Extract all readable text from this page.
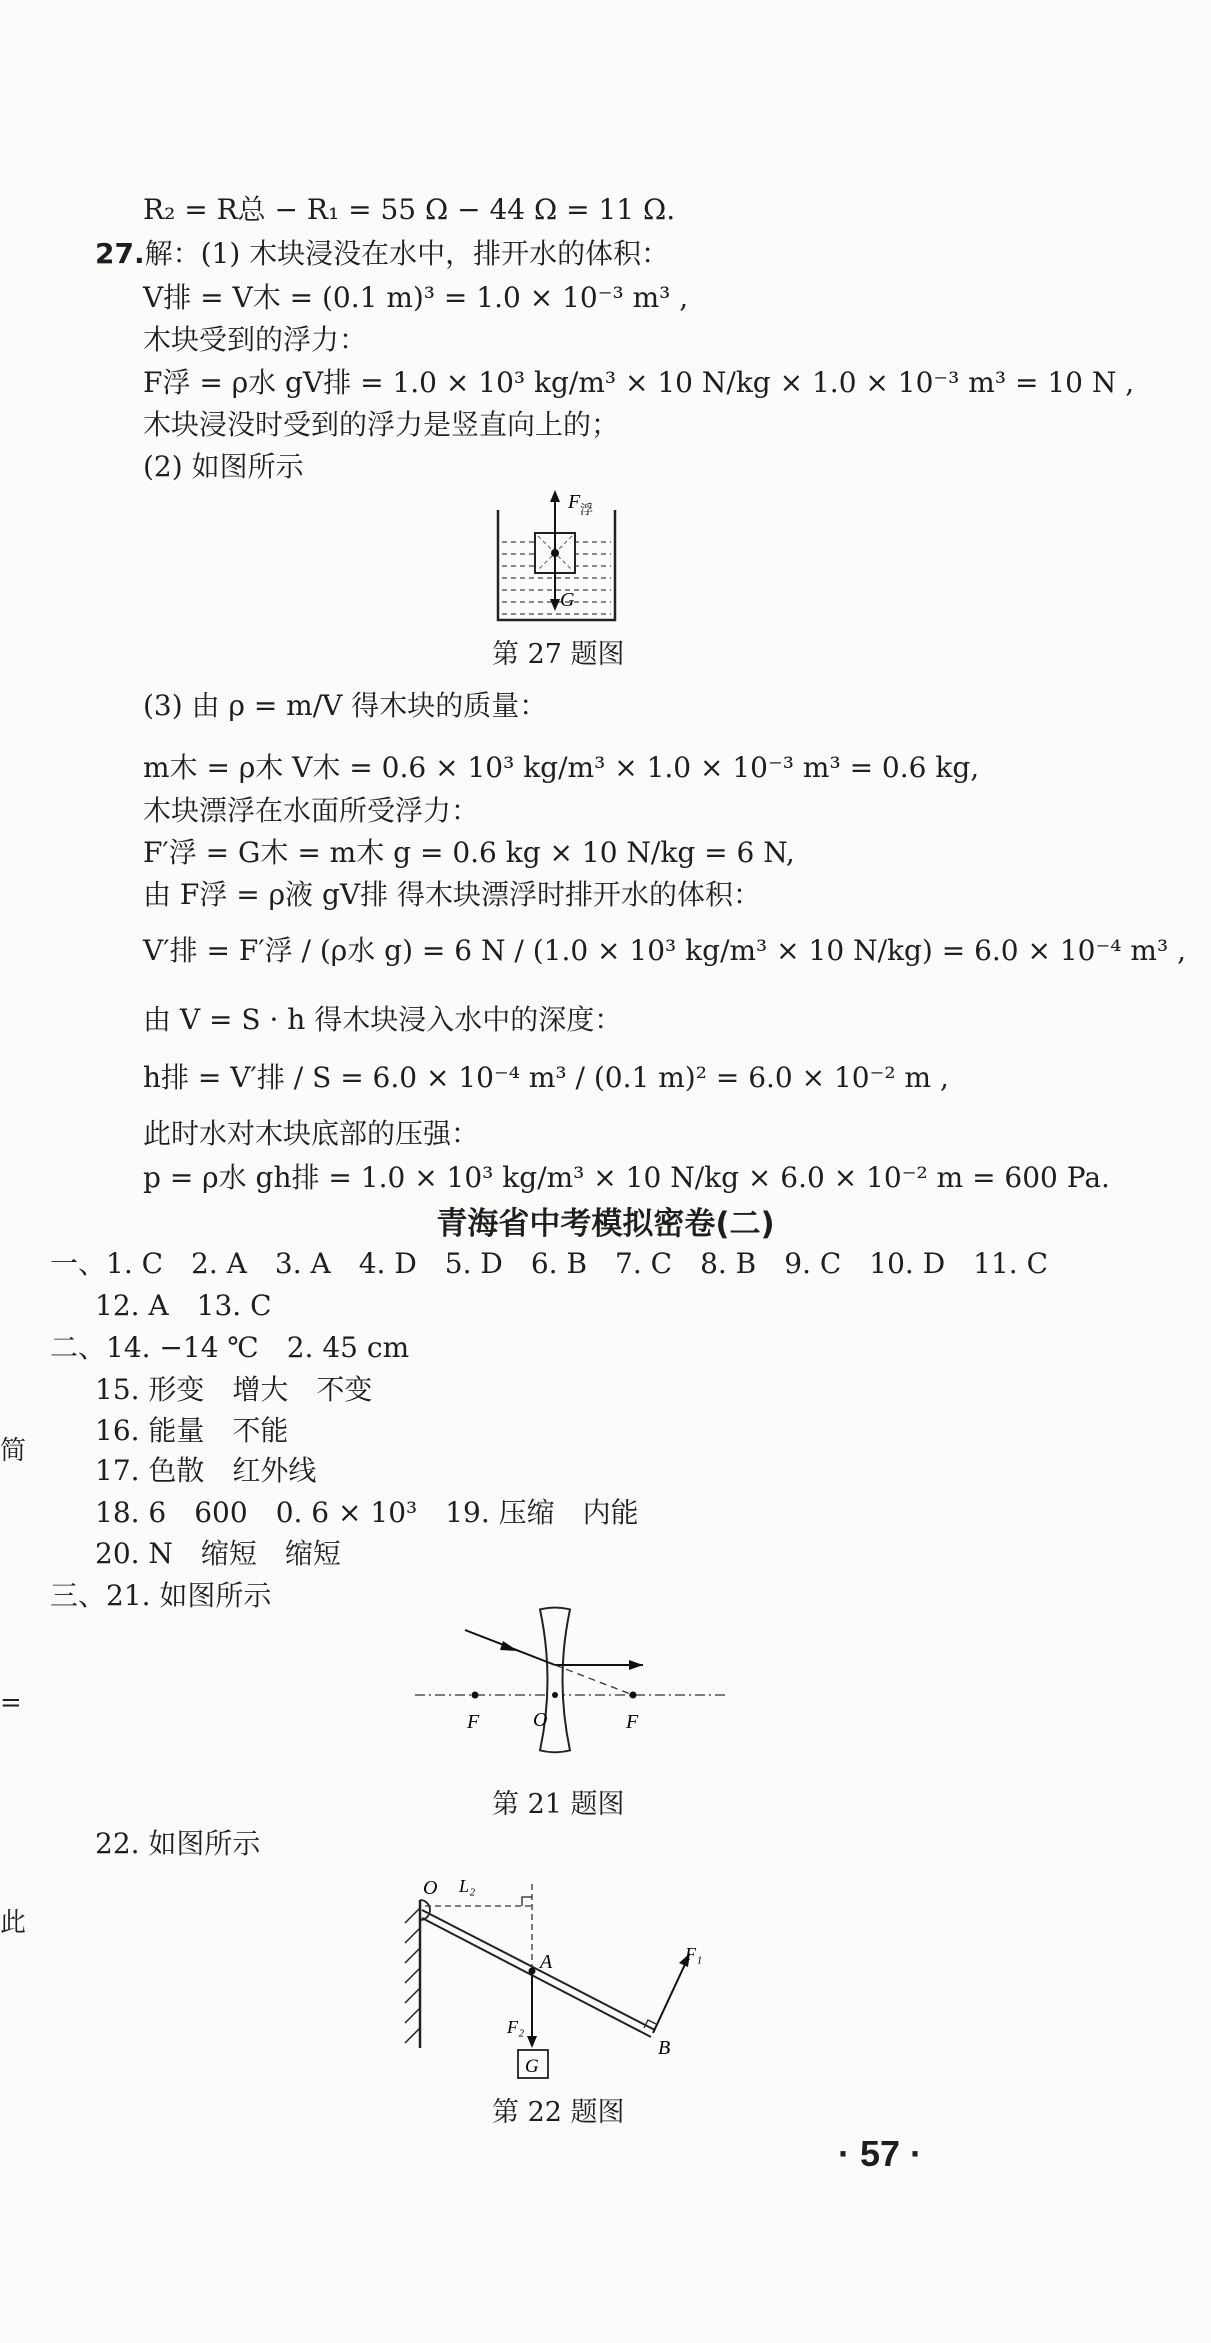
R₂ = R总 − R₁ = 55 Ω − 44 Ω = 11 Ω.
27.解：(1) 木块浸没在水中，排开水的体积：
V排 = V木 = (0.1 m)³ = 1.0 × 10⁻³ m³ ,
木块受到的浮力：
F浮 = ρ水 gV排 = 1.0 × 10³ kg/m³ × 10 N/kg × 1.0 × 10⁻³ m³ = 10 N ,
木块浸没时受到的浮力是竖直向上的；
(2) 如图所示
F 浮
G
第 27 题图
(3) 由 ρ = m/V 得木块的质量：
m木 = ρ木 V木 = 0.6 × 10³ kg/m³ × 1.0 × 10⁻³ m³ = 0.6 kg,
木块漂浮在水面所受浮力：
F′浮 = G木 = m木 g = 0.6 kg × 10 N/kg = 6 N,
由 F浮 = ρ液 gV排 得木块漂浮时排开水的体积：
V′排 = F′浮 / (ρ水 g) = 6 N / (1.0 × 10³ kg/m³ × 10 N/kg) = 6.0 × 10⁻⁴ m³ ,
由 V = S · h 得木块浸入水中的深度：
h排 = V′排 / S = 6.0 × 10⁻⁴ m³ / (0.1 m)² = 6.0 × 10⁻² m ,
此时水对木块底部的压强：
p = ρ水 gh排 = 1.0 × 10³ kg/m³ × 10 N/kg × 6.0 × 10⁻² m = 600 Pa.
青海省中考模拟密卷(二)
一、1. C　2. A　3. A　4. D　5. D　6. B　7. C　8. B　9. C　10. D　11. C
12. A　13. C
二、14. −14 ℃　2. 45 cm
15. 形变　增大　不变
16. 能量　不能
17. 色散　红外线
18. 6　600　0. 6 × 10³　19. 压缩　内能
20. N　缩短　缩短
三、21. 如图所示
F	O	F
第 21 题图
22. 如图所示
O L₂
A
B
F₁
F₂
G
第 22 题图
简
=
此
· 57 ·
